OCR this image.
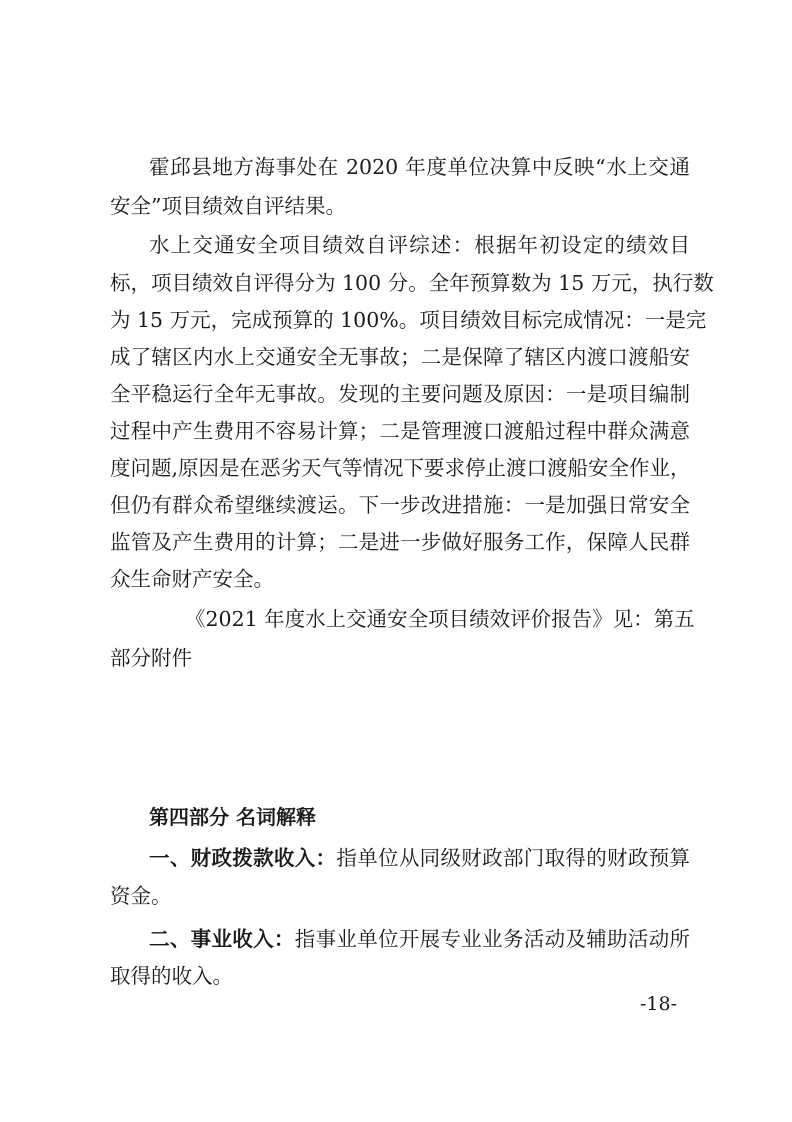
霍邱县地方海事处在 2020 年度单位决算中反映“水上交通
安全”项目绩效自评结果。
水上交通安全项目绩效自评综述：根据年初设定的绩效目
标，项目绩效自评得分为 100 分。全年预算数为 15 万元，执行数
为 15 万元，完成预算的 100%。项目绩效目标完成情况：一是完
成了辖区内水上交通安全无事故；二是保障了辖区内渡口渡船安
全平稳运行全年无事故。发现的主要问题及原因：一是项目编制
过程中产生费用不容易计算；二是管理渡口渡船过程中群众满意
度问题,原因是在恶劣天气等情况下要求停止渡口渡船安全作业，
但仍有群众希望继续渡运。下一步改进措施：一是加强日常安全
监管及产生费用的计算；二是进一步做好服务工作，保障人民群
众生命财产安全。
《2021 年度水上交通安全项目绩效评价报告》见：第五
部分附件
第四部分 名词解释
一、财政拨款收入：指单位从同级财政部门取得的财政预算
资金。
二、事业收入：指事业单位开展专业业务活动及辅助活动所
取得的收入。
-18-
